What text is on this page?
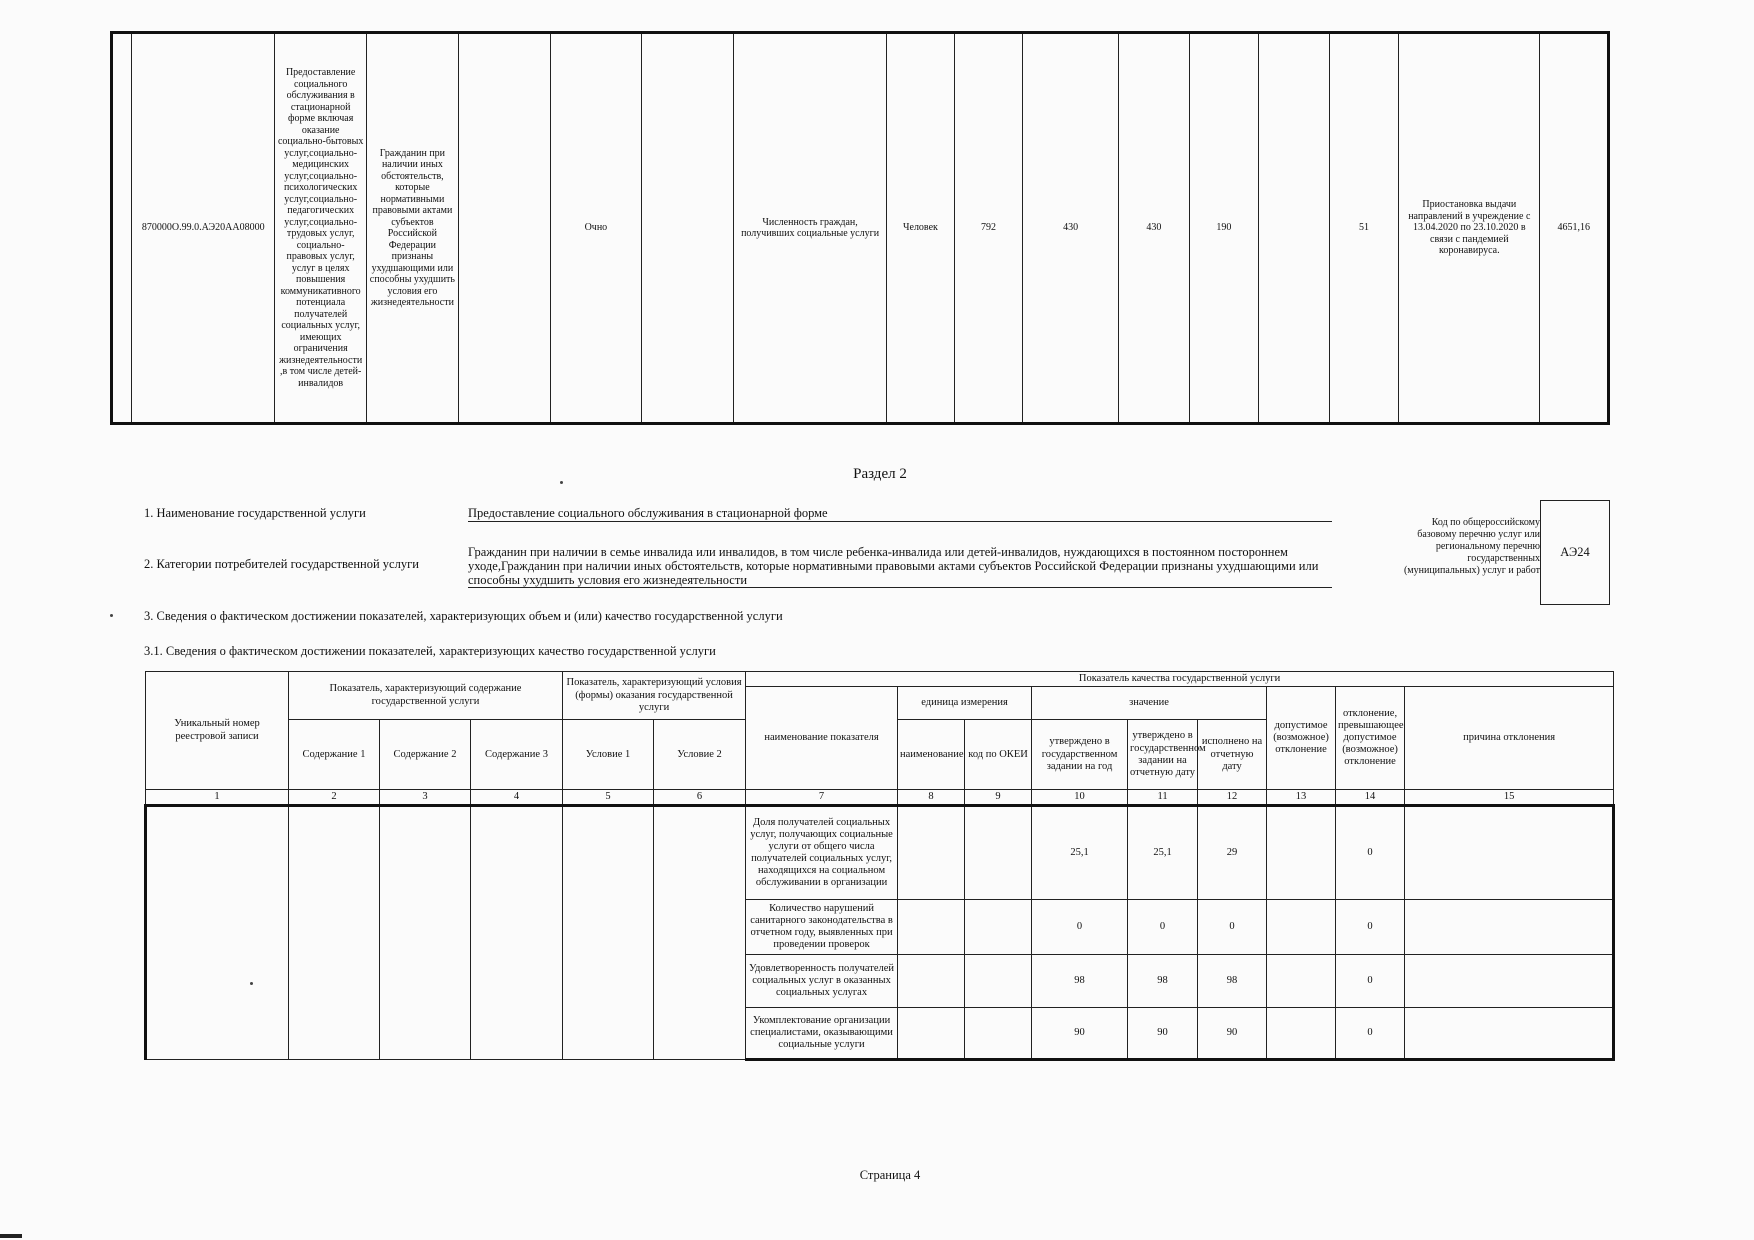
	870000О.99.0.АЭ20АА08000	Предоставление социального обслуживания в стационарной форме включая оказание социально-бытовых услуг,социально-медицинских услуг,социально-психологических услуг,социально-педагогических услуг,социально-трудовых услуг, социально-правовых услуг, услуг в целях повышения коммуникативного потенциала получателей социальных услуг, имеющих ограничения жизнедеятельности ,в том числе детей-инвалидов	Гражданин при наличии иных обстоятельств, которые нормативными правовыми актами субъектов Российской Федерации признаны ухудшающими или способны ухудшить условия его жизнедеятельности		Очно		Численность граждан, получивших социальные услуги	Человек	792	430	430	190		51	Приостановка выдачи направлений в учреждение с 13.04.2020 по 23.10.2020 в связи с пандемией коронавируса.	4651,16
Раздел 2
1. Наименование государственной услуги	Предоставление социального обслуживания в стационарной форме
2. Категории потребителей государственной услуги
Гражданин при наличии в семье инвалида или инвалидов, в том числе ребенка-инвалида или детей-инвалидов, нуждающихся в постоянном постороннем уходе,Гражданин при наличии иных обстоятельств, которые нормативными правовыми актами субъектов Российской Федерации признаны ухудшающими или способны ухудшить условия его жизнедеятельности
Код по общероссийскому базовому перечню услуг или региональному перечню государственных (муниципальных) услуг и работ
АЭ24
3. Сведения о фактическом достижении показателей, характеризующих объем и (или) качество государственной услуги
3.1. Сведения о фактическом достижении показателей, характеризующих качество государственной услуги
Уникальный номер реестровой записи	Показатель, характеризующий содержание государственной услуги			Показатель, характеризующий условия (формы) оказания государственной услуги		Показатель качества государственной услуги								
						наименование показателя	единица измерения		значение			допустимое (возможное) отклонение	отклонение, превышающее допустимое (возможное) отклонение	причина отклонения
	Содержание 1	Содержание 2	Содержание 3	Условие 1	Условие 2		наименование	код по ОКЕИ	утверждено в государственном задании на год	утверждено в государственном задании на отчетную дату	исполнено на отчетную дату			
1	2	3	4	5	6	7	8	9	10	11	12	13	14	15
						Доля получателей социальных услуг, получающих социальные услуги от общего числа получателей социальных услуг, находящихся на социальном обслуживании в организации			25,1	25,1	29		0	
						Количество нарушений санитарного законодательства в отчетном году, выявленных при проведении проверок			0	0	0		0	
						Удовлетворенность получателей социальных услуг в оказанных социальных услугах			98	98	98		0	
						Укомплектование организации специалистами, оказывающими социальные услуги			90	90	90		0	
Страница 4
